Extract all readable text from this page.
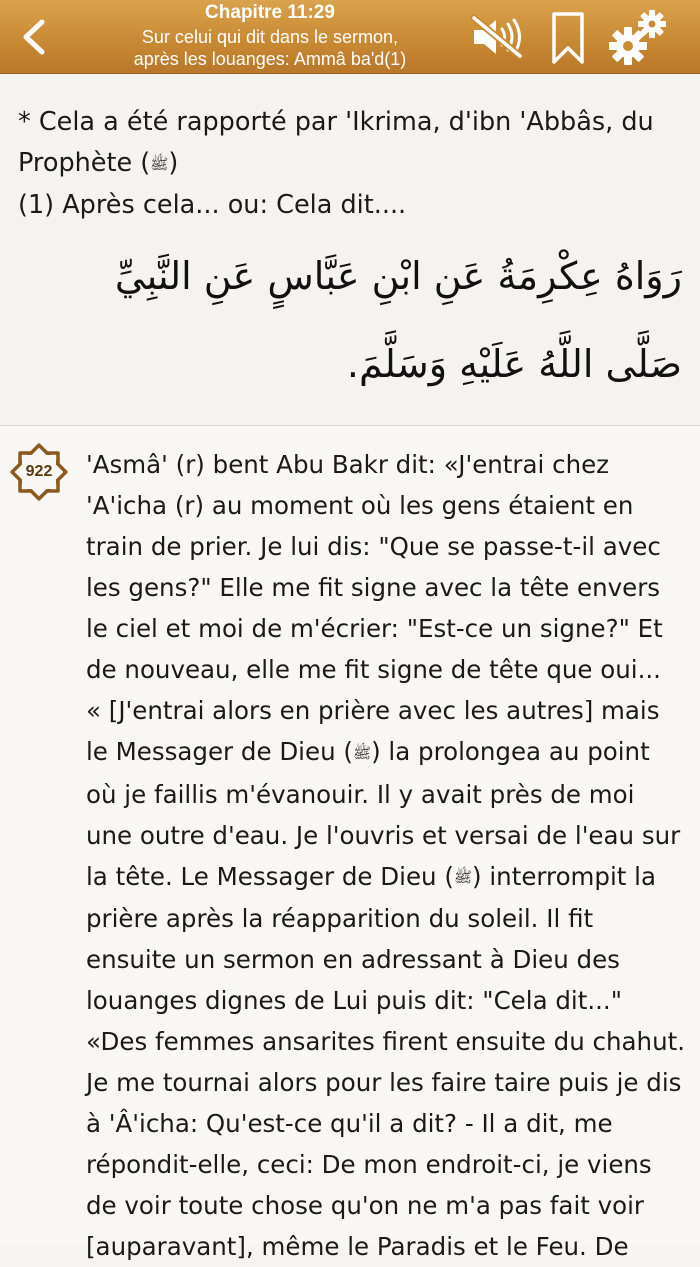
Chapitre 11:29
Sur celui qui dit dans le sermon,
après les louanges: Ammâ ba'd(1)
* Cela a été rapporté par 'Ikrima, d'ibn 'Abbâs, du
Prophète (ﷺ)
(1) Après cela... ou: Cela dit....
رَوَاهُ عِكْرِمَةُ عَنِ ابْنِ عَبَّاسٍ عَنِ النَّبِيِّ صَلَّى اللَّهُ عَلَيْهِ وَسَلَّمَ.
922	'Asmâ' (r) bent Abu Bakr dit: «J'entrai chez 'A'icha (r) au moment où les gens étaient en train de prier. Je lui dis: "Que se passe-t-il avec les gens?" Elle me fit signe avec la tête envers le ciel et moi de m'écrier: "Est-ce un signe?" Et de nouveau, elle me fit signe de tête que oui...
« [J'entrai alors en prière avec les autres] mais le Messager de Dieu (ﷺ) la prolongea au point où je faillis m'évanouir. Il y avait près de moi une outre d'eau. Je l'ouvris et versai de l'eau sur la tête. Le Messager de Dieu (ﷺ) interrompit la prière après la réapparition du soleil. Il fit ensuite un sermon en adressant à Dieu des louanges dignes de Lui puis dit: "Cela dit..."
«Des femmes ansarites firent ensuite du chahut. Je me tournai alors pour les faire taire puis je dis à 'Â'icha: Qu'est-ce qu'il a dit? - Il a dit, me répondit-elle, ceci: De mon endroit-ci, je viens de voir toute chose qu'on ne m'a pas fait voir [auparavant], même le Paradis et le Feu. De
